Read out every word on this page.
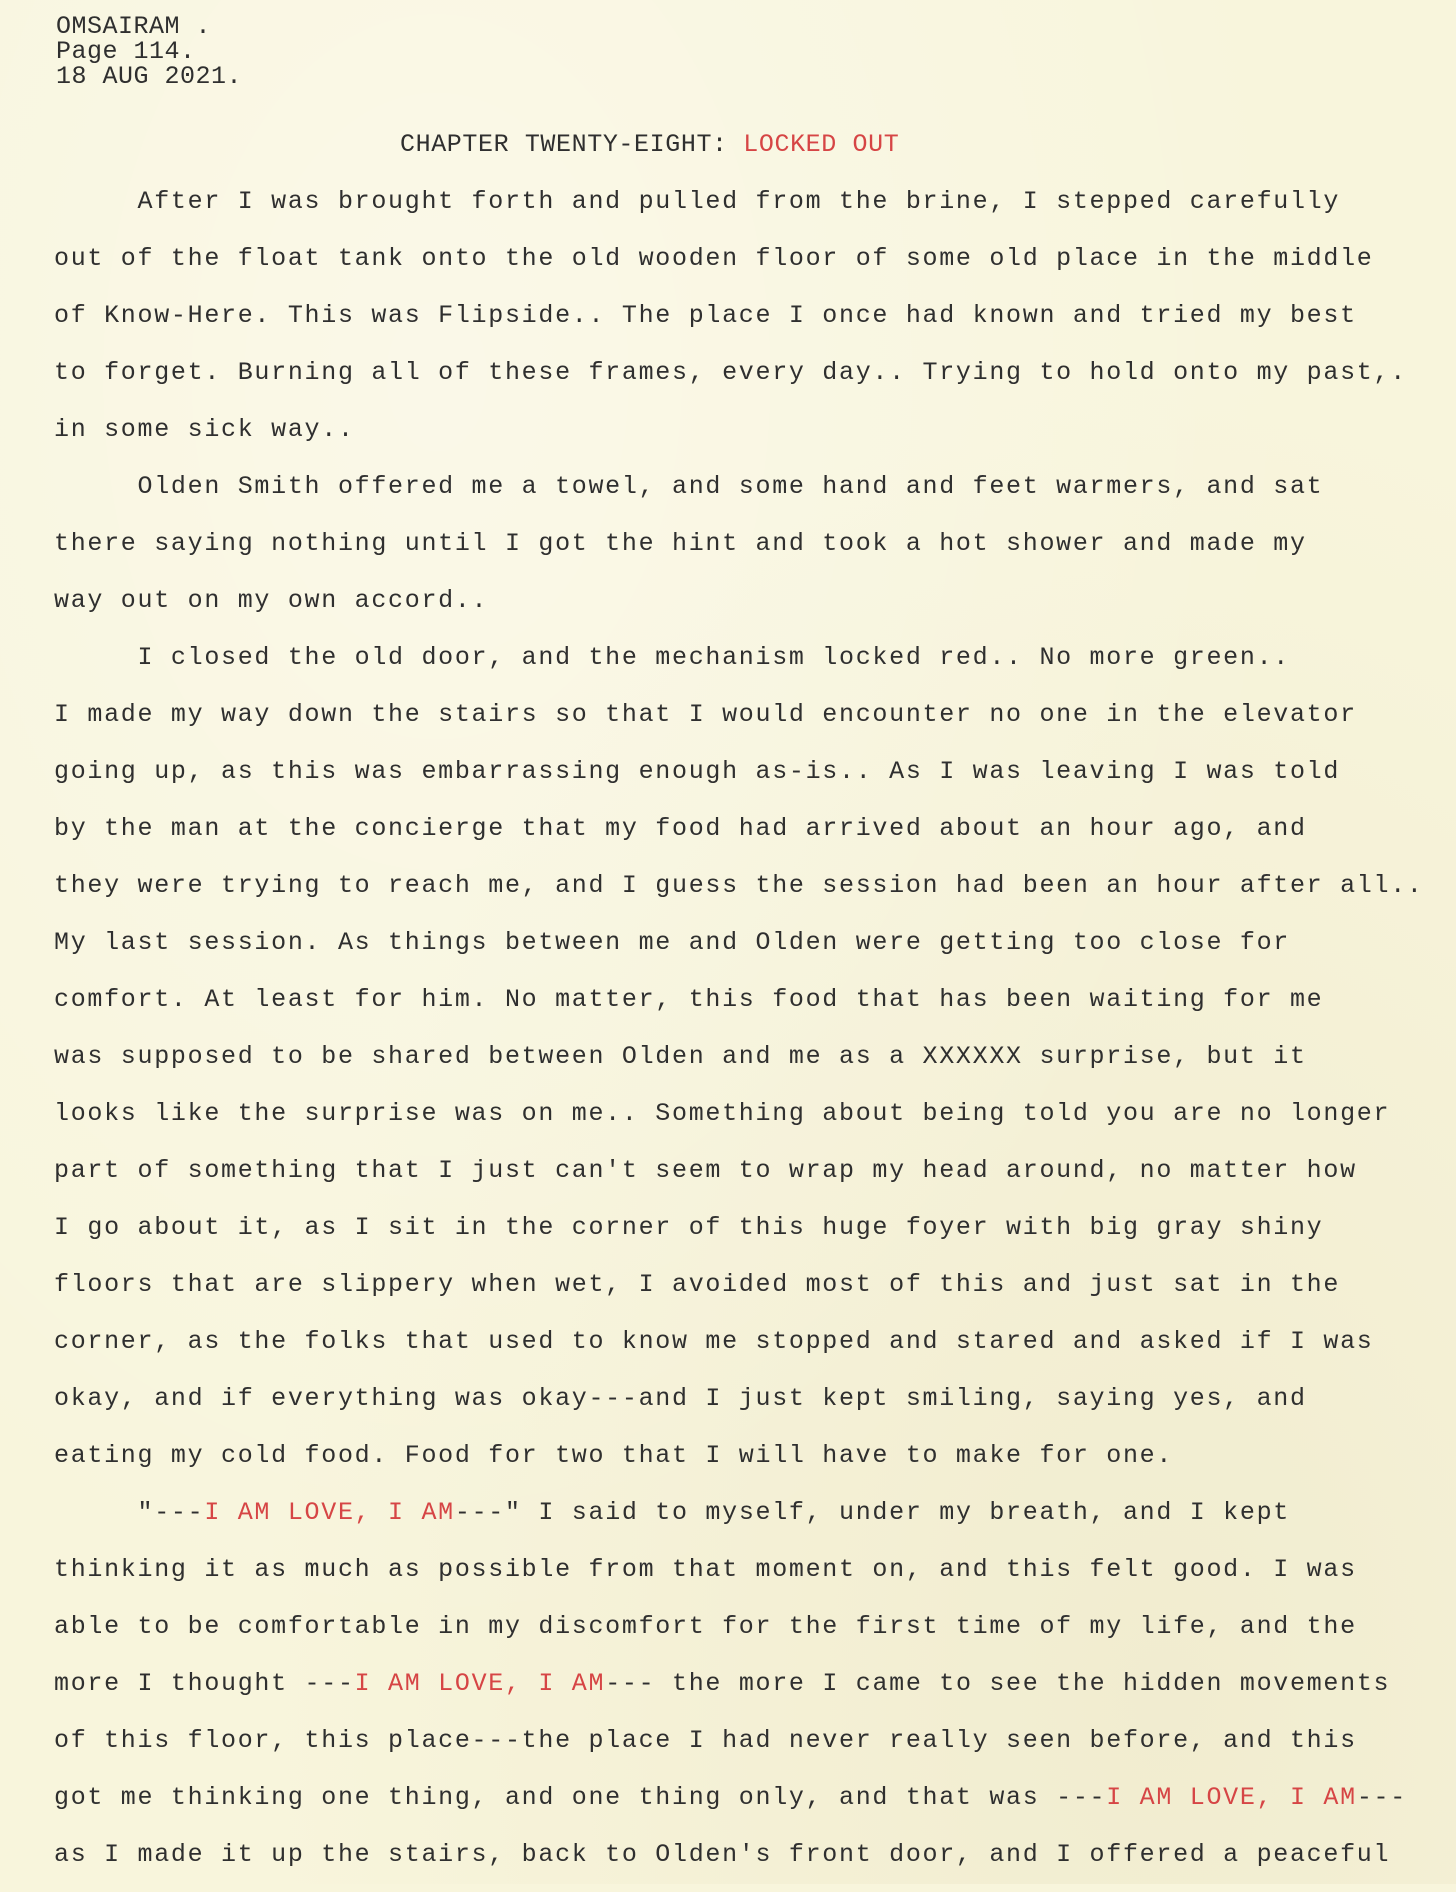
OMSAIRAM .
Page 114.
18 AUG 2021.
CHAPTER TWENTY-EIGHT: LOCKED OUT
After I was brought forth and pulled from the brine, I stepped carefully
out of the float tank onto the old wooden floor of some old place in the middle
of Know-Here. This was Flipside.. The place I once had known and tried my best
to forget. Burning all of these frames, every day.. Trying to hold onto my past,.
in some sick way..
Olden Smith offered me a towel, and some hand and feet warmers, and sat
there saying nothing until I got the hint and took a hot shower and made my
way out on my own accord..
I closed the old door, and the mechanism locked red.. No more green..
I made my way down the stairs so that I would encounter no one in the elevator
going up, as this was embarrassing enough as-is.. As I was leaving I was told
by the man at the concierge that my food had arrived about an hour ago, and
they were trying to reach me, and I guess the session had been an hour after all..
My last session. As things between me and Olden were getting too close for
comfort. At least for him. No matter, this food that has been waiting for me
was supposed to be shared between Olden and me as a XXXXXX surprise, but it
looks like the surprise was on me.. Something about being told you are no longer
part of something that I just can't seem to wrap my head around, no matter how
I go about it, as I sit in the corner of this huge foyer with big gray shiny
floors that are slippery when wet, I avoided most of this and just sat in the
corner, as the folks that used to know me stopped and stared and asked if I was
okay, and if everything was okay---and I just kept smiling, saying yes, and
eating my cold food. Food for two that I will have to make for one.
"---I AM LOVE, I AM---" I said to myself, under my breath, and I kept
thinking it as much as possible from that moment on, and this felt good. I was
able to be comfortable in my discomfort for the first time of my life, and the
more I thought ---I AM LOVE, I AM--- the more I came to see the hidden movements
of this floor, this place---the place I had never really seen before, and this
got me thinking one thing, and one thing only, and that was ---I AM LOVE, I AM---
as I made it up the stairs, back to Olden's front door, and I offered a peaceful
